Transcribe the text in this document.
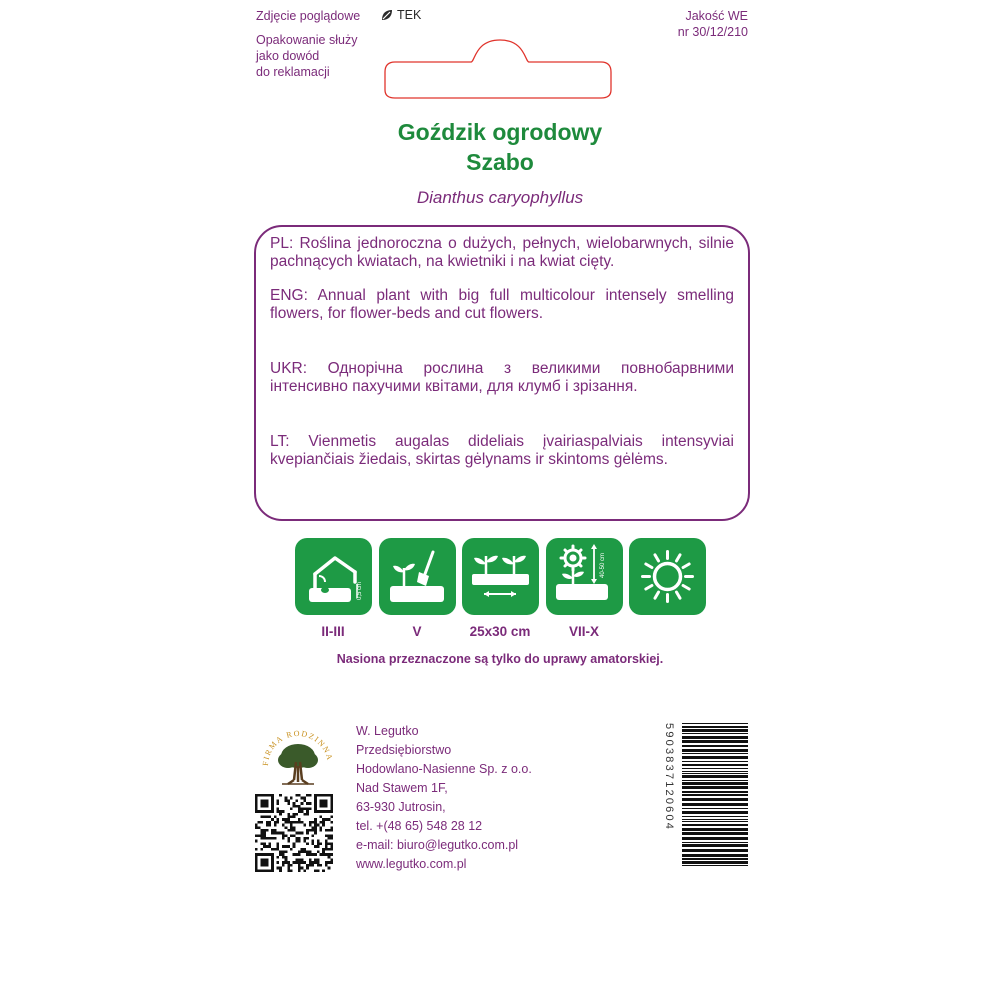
Zdjęcie poglądowe	TEK
Opakowanie służy
jako dowód
do reklamacji
Jakość WE
nr 30/12/210
Goździk ogrodowy
Szabo
Dianthus caryophyllus

PL: Roślina jednoroczna o dużych, pełnych, wielobarwnych, silnie pachnących kwiatach, na kwietniki i na kwiat cięty.

ENG: Annual plant with big full multicolour intensely smelling flowers, for flower-beds and cut flowers.

UKR: Однорічна рослина з великими повнобарвними інтенсивно пахучими квітами, для клумб і зрізання.

LT: Vienmetis augalas dideliais įvairiaspalviais intensyviai kvepiančiais žiedais, skirtas gėlynams ir skintoms gėlėms.

0,5 cm
40-50 cm
II-III	V	25x30 cm	VII-X
Nasiona przeznaczone są tylko do uprawy amatorskiej.
FIRMA RODZINNA
W. Legutko
Przedsiębiorstwo
Hodowlano-Nasienne Sp. z o.o.
Nad Stawem 1F,
63-930 Jutrosin,
tel. +(48 65) 548 28 12
e-mail: biuro@legutko.com.pl
www.legutko.com.pl
5903837120604
